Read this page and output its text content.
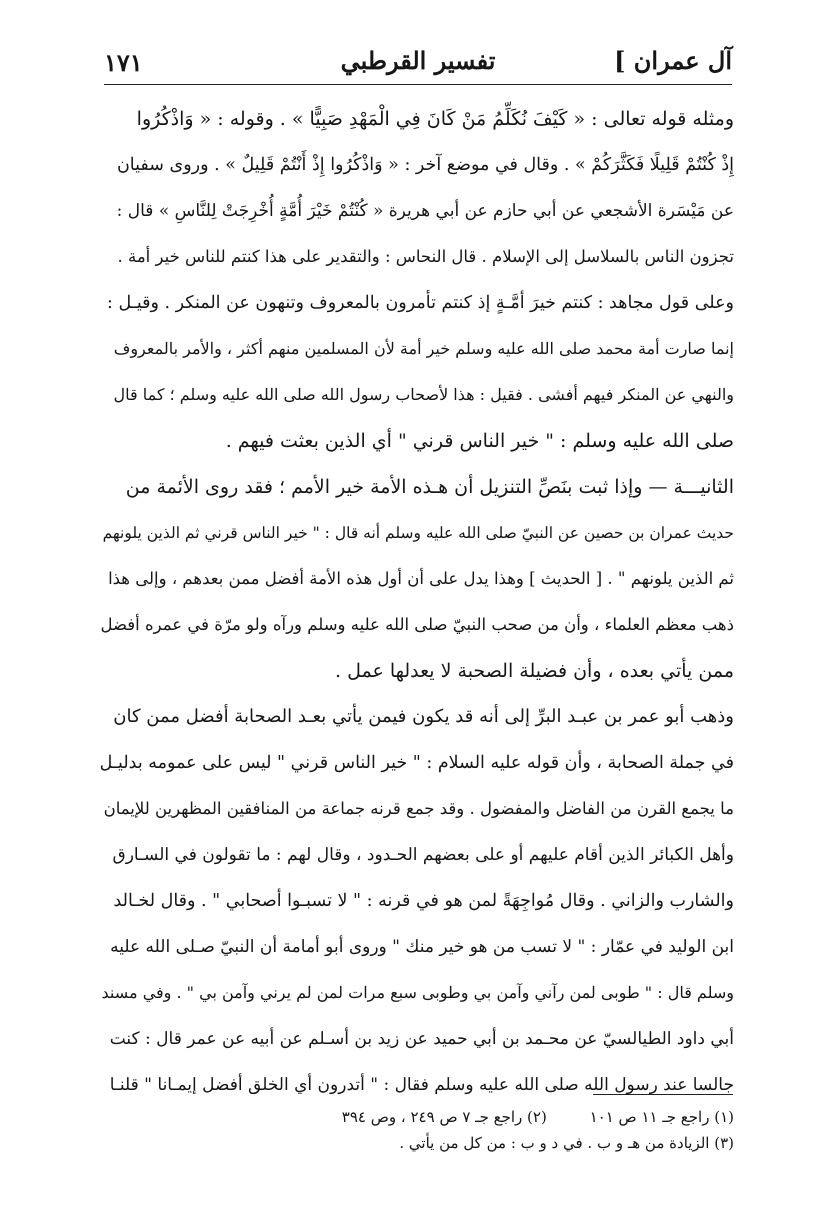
١٧١	تفسير القرطبي	آل عمران ]
ومثله قوله تعالى : « كَيْفَ نُكَلِّمُ مَنْ كَانَ فِي الْمَهْدِ صَبِيًّا » . وقوله : « وَاذْكُرُوا
إِذْ كُنْتُمْ قَلِيلًا فَكَثَّرَكُمْ » . وقال في موضع آخر : « وَاذْكُرُوا إِذْ أَنْتُمْ قَلِيلٌ » . وروى سفيان
عن مَيْسَرة الأشجعي عن أبي حازم عن أبي هريرة « كُنْتُمْ خَيْرَ أُمَّةٍ أُخْرِجَتْ لِلنَّاسِ » قال :
تجزون الناس بالسلاسل إلى الإسلام . قال النحاس : والتقدير على هذا كنتم للناس خير أمة .
وعلى قول مجاهد : كنتم خيرَ أمَّـةٍ إذ كنتم تأمرون بالمعروف وتنهون عن المنكر . وقيـل :
إنما صارت أمة محمد صلى الله عليه وسلم خير أمة لأن المسلمين منهم أكثر ، والأمر بالمعروف
والنهي عن المنكر فيهم أفشى . فقيل : هذا لأصحاب رسول الله صلى الله عليه وسلم ؛ كما قال
صلى الله عليه وسلم : " خير الناس قرني " أي الذين بعثت فيهم .
الثانيـــة — وإذا ثبت بنَصِّ التنزيل أن هـذه الأمة خير الأمم ؛ فقد روى الأئمة من
حديث عمران بن حصين عن النبيّ صلى الله عليه وسلم أنه قال : " خير الناس قرني ثم الذين يلونهم
ثم الذين يلونهم " . [ الحديث ] وهذا يدل على أن أول هذه الأمة أفضل ممن بعدهم ، وإلى هذا
ذهب معظم العلماء ، وأن من صحب النبيّ صلى الله عليه وسلم ورآه ولو مرّة في عمره أفضل
ممن يأتي بعده ، وأن فضيلة الصحبة لا يعدلها عمل .
وذهب أبو عمر بن عبـد البرِّ إلى أنه قد يكون فيمن يأتي بعـد الصحابة أفضل ممن كان
في جملة الصحابة ، وأن قوله عليه السلام : " خير الناس قرني " ليس على عمومه بدليـل
ما يجمع القرن من الفاضل والمفضول . وقد جمع قرنه جماعة من المنافقين المظهرين للإيمان
وأهل الكبائر الذين أقام عليهم أو على بعضهم الحـدود ، وقال لهم : ما تقولون في السـارق
والشارب والزاني . وقال مُواجِهَةً لمن هو في قرنه : " لا تسبـوا أصحابي " . وقال لخـالد
ابن الوليد في عمّار : " لا تسب من هو خير منك " وروى أبو أمامة أن النبيّ صـلى الله عليه
وسلم قال : " طوبى لمن رآني وآمن بي وطوبى سبع مرات لمن لم يرني وآمن بي " . وفي مسند
أبي داود الطيالسيّ عن محـمد بن أبي حميد عن زيد بن أسـلم عن أبيه عن عمر قال : كنت
جالسا عند رسول الله صلى الله عليه وسلم فقال : " أتدرون أي الخلق أفضل إيمـانا " قلنـا
(١) راجع جـ ١١ ص ١٠١ (٢) راجع جـ ٧ ص ٢٤٩ ، وص ٣٩٤
(٣) الزيادة من هـ و ب . في د و ب : من كل من يأتي .
